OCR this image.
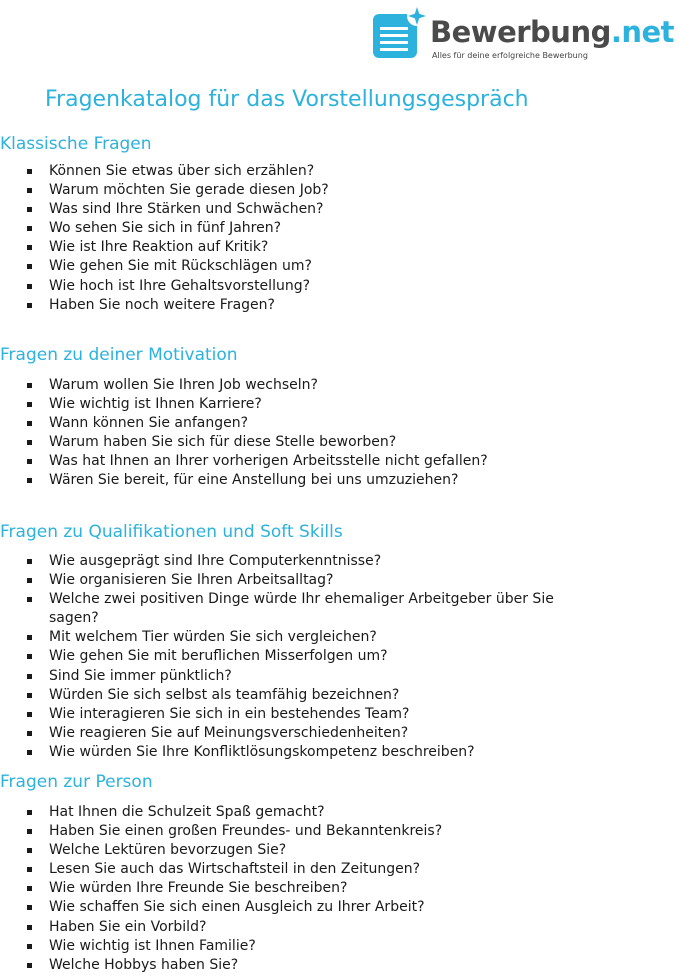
Bewerbung.net
Alles für deine erfolgreiche Bewerbung
Fragenkatalog für das Vorstellungsgespräch
Klassische Fragen
Können Sie etwas über sich erzählen?
Warum möchten Sie gerade diesen Job?
Was sind Ihre Stärken und Schwächen?
Wo sehen Sie sich in fünf Jahren?
Wie ist Ihre Reaktion auf Kritik?
Wie gehen Sie mit Rückschlägen um?
Wie hoch ist Ihre Gehaltsvorstellung?
Haben Sie noch weitere Fragen?
Fragen zu deiner Motivation
Warum wollen Sie Ihren Job wechseln?
Wie wichtig ist Ihnen Karriere?
Wann können Sie anfangen?
Warum haben Sie sich für diese Stelle beworben?
Was hat Ihnen an Ihrer vorherigen Arbeitsstelle nicht gefallen?
Wären Sie bereit, für eine Anstellung bei uns umzuziehen?
Fragen zu Qualifikationen und Soft Skills
Wie ausgeprägt sind Ihre Computerkenntnisse?
Wie organisieren Sie Ihren Arbeitsalltag?
Welche zwei positiven Dinge würde Ihr ehemaliger Arbeitgeber über Sie sagen?
Mit welchem Tier würden Sie sich vergleichen?
Wie gehen Sie mit beruflichen Misserfolgen um?
Sind Sie immer pünktlich?
Würden Sie sich selbst als teamfähig bezeichnen?
Wie interagieren Sie sich in ein bestehendes Team?
Wie reagieren Sie auf Meinungsverschiedenheiten?
Wie würden Sie Ihre Konfliktlösungskompetenz beschreiben?
Fragen zur Person
Hat Ihnen die Schulzeit Spaß gemacht?
Haben Sie einen großen Freundes- und Bekanntenkreis?
Welche Lektüren bevorzugen Sie?
Lesen Sie auch das Wirtschaftsteil in den Zeitungen?
Wie würden Ihre Freunde Sie beschreiben?
Wie schaffen Sie sich einen Ausgleich zu Ihrer Arbeit?
Haben Sie ein Vorbild?
Wie wichtig ist Ihnen Familie?
Welche Hobbys haben Sie?
